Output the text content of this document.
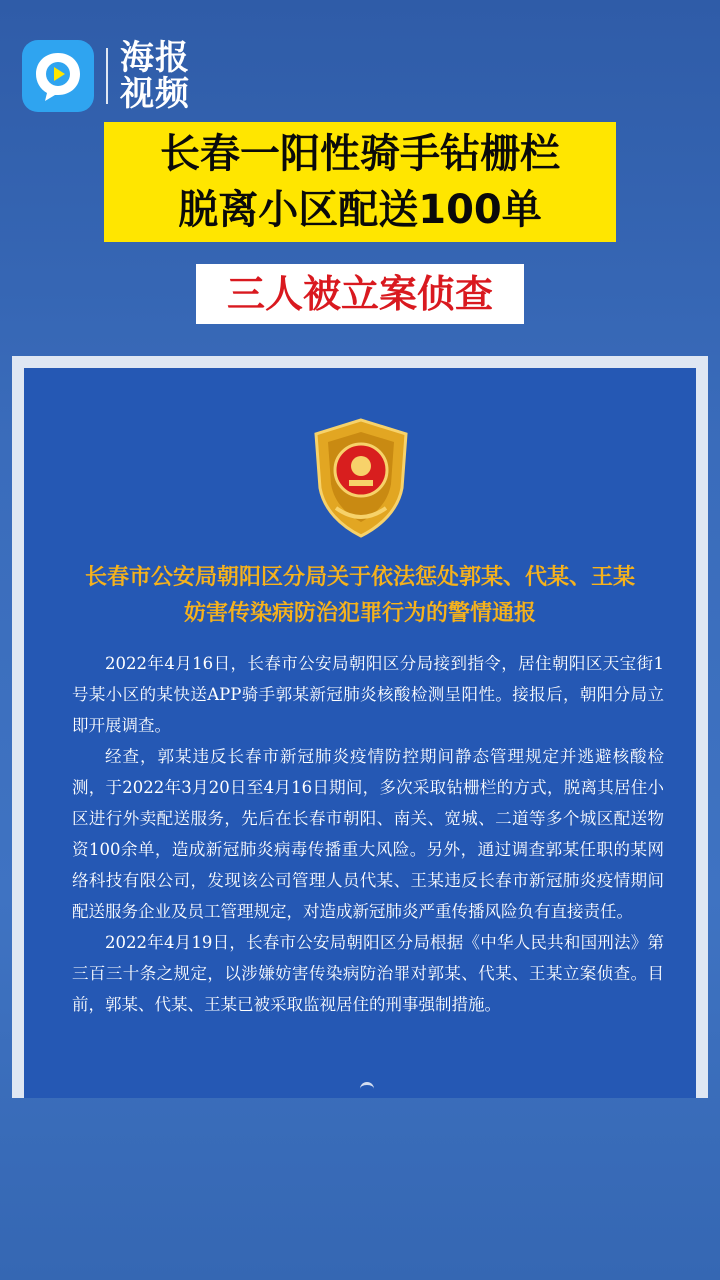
海报视频
长春一阳性骑手钻栅栏
脱离小区配送100单
三人被立案侦查
长春市公安局朝阳区分局关于依法惩处郭某、代某、王某
妨害传染病防治犯罪行为的警情通报

2022年4月16日，长春市公安局朝阳区分局接到指令，居住朝阳区天宝街1号某小区的某快送APP骑手郭某新冠肺炎核酸检测呈阳性。接报后，朝阳分局立即开展调查。

经查，郭某违反长春市新冠肺炎疫情防控期间静态管理规定并逃避核酸检测，于2022年3月20日至4月16日期间，多次采取钻栅栏的方式，脱离其居住小区进行外卖配送服务，先后在长春市朝阳、南关、宽城、二道等多个城区配送物资100余单，造成新冠肺炎病毒传播重大风险。另外，通过调查郭某任职的某网络科技有限公司，发现该公司管理人员代某、王某违反长春市新冠肺炎疫情期间配送服务企业及员工管理规定，对造成新冠肺炎严重传播风险负有直接责任。

2022年4月19日，长春市公安局朝阳区分局根据《中华人民共和国刑法》第三百三十条之规定，以涉嫌妨害传染病防治罪对郭某、代某、王某立案侦查。目前，郭某、代某、王某已被采取监视居住的刑事强制措施。
